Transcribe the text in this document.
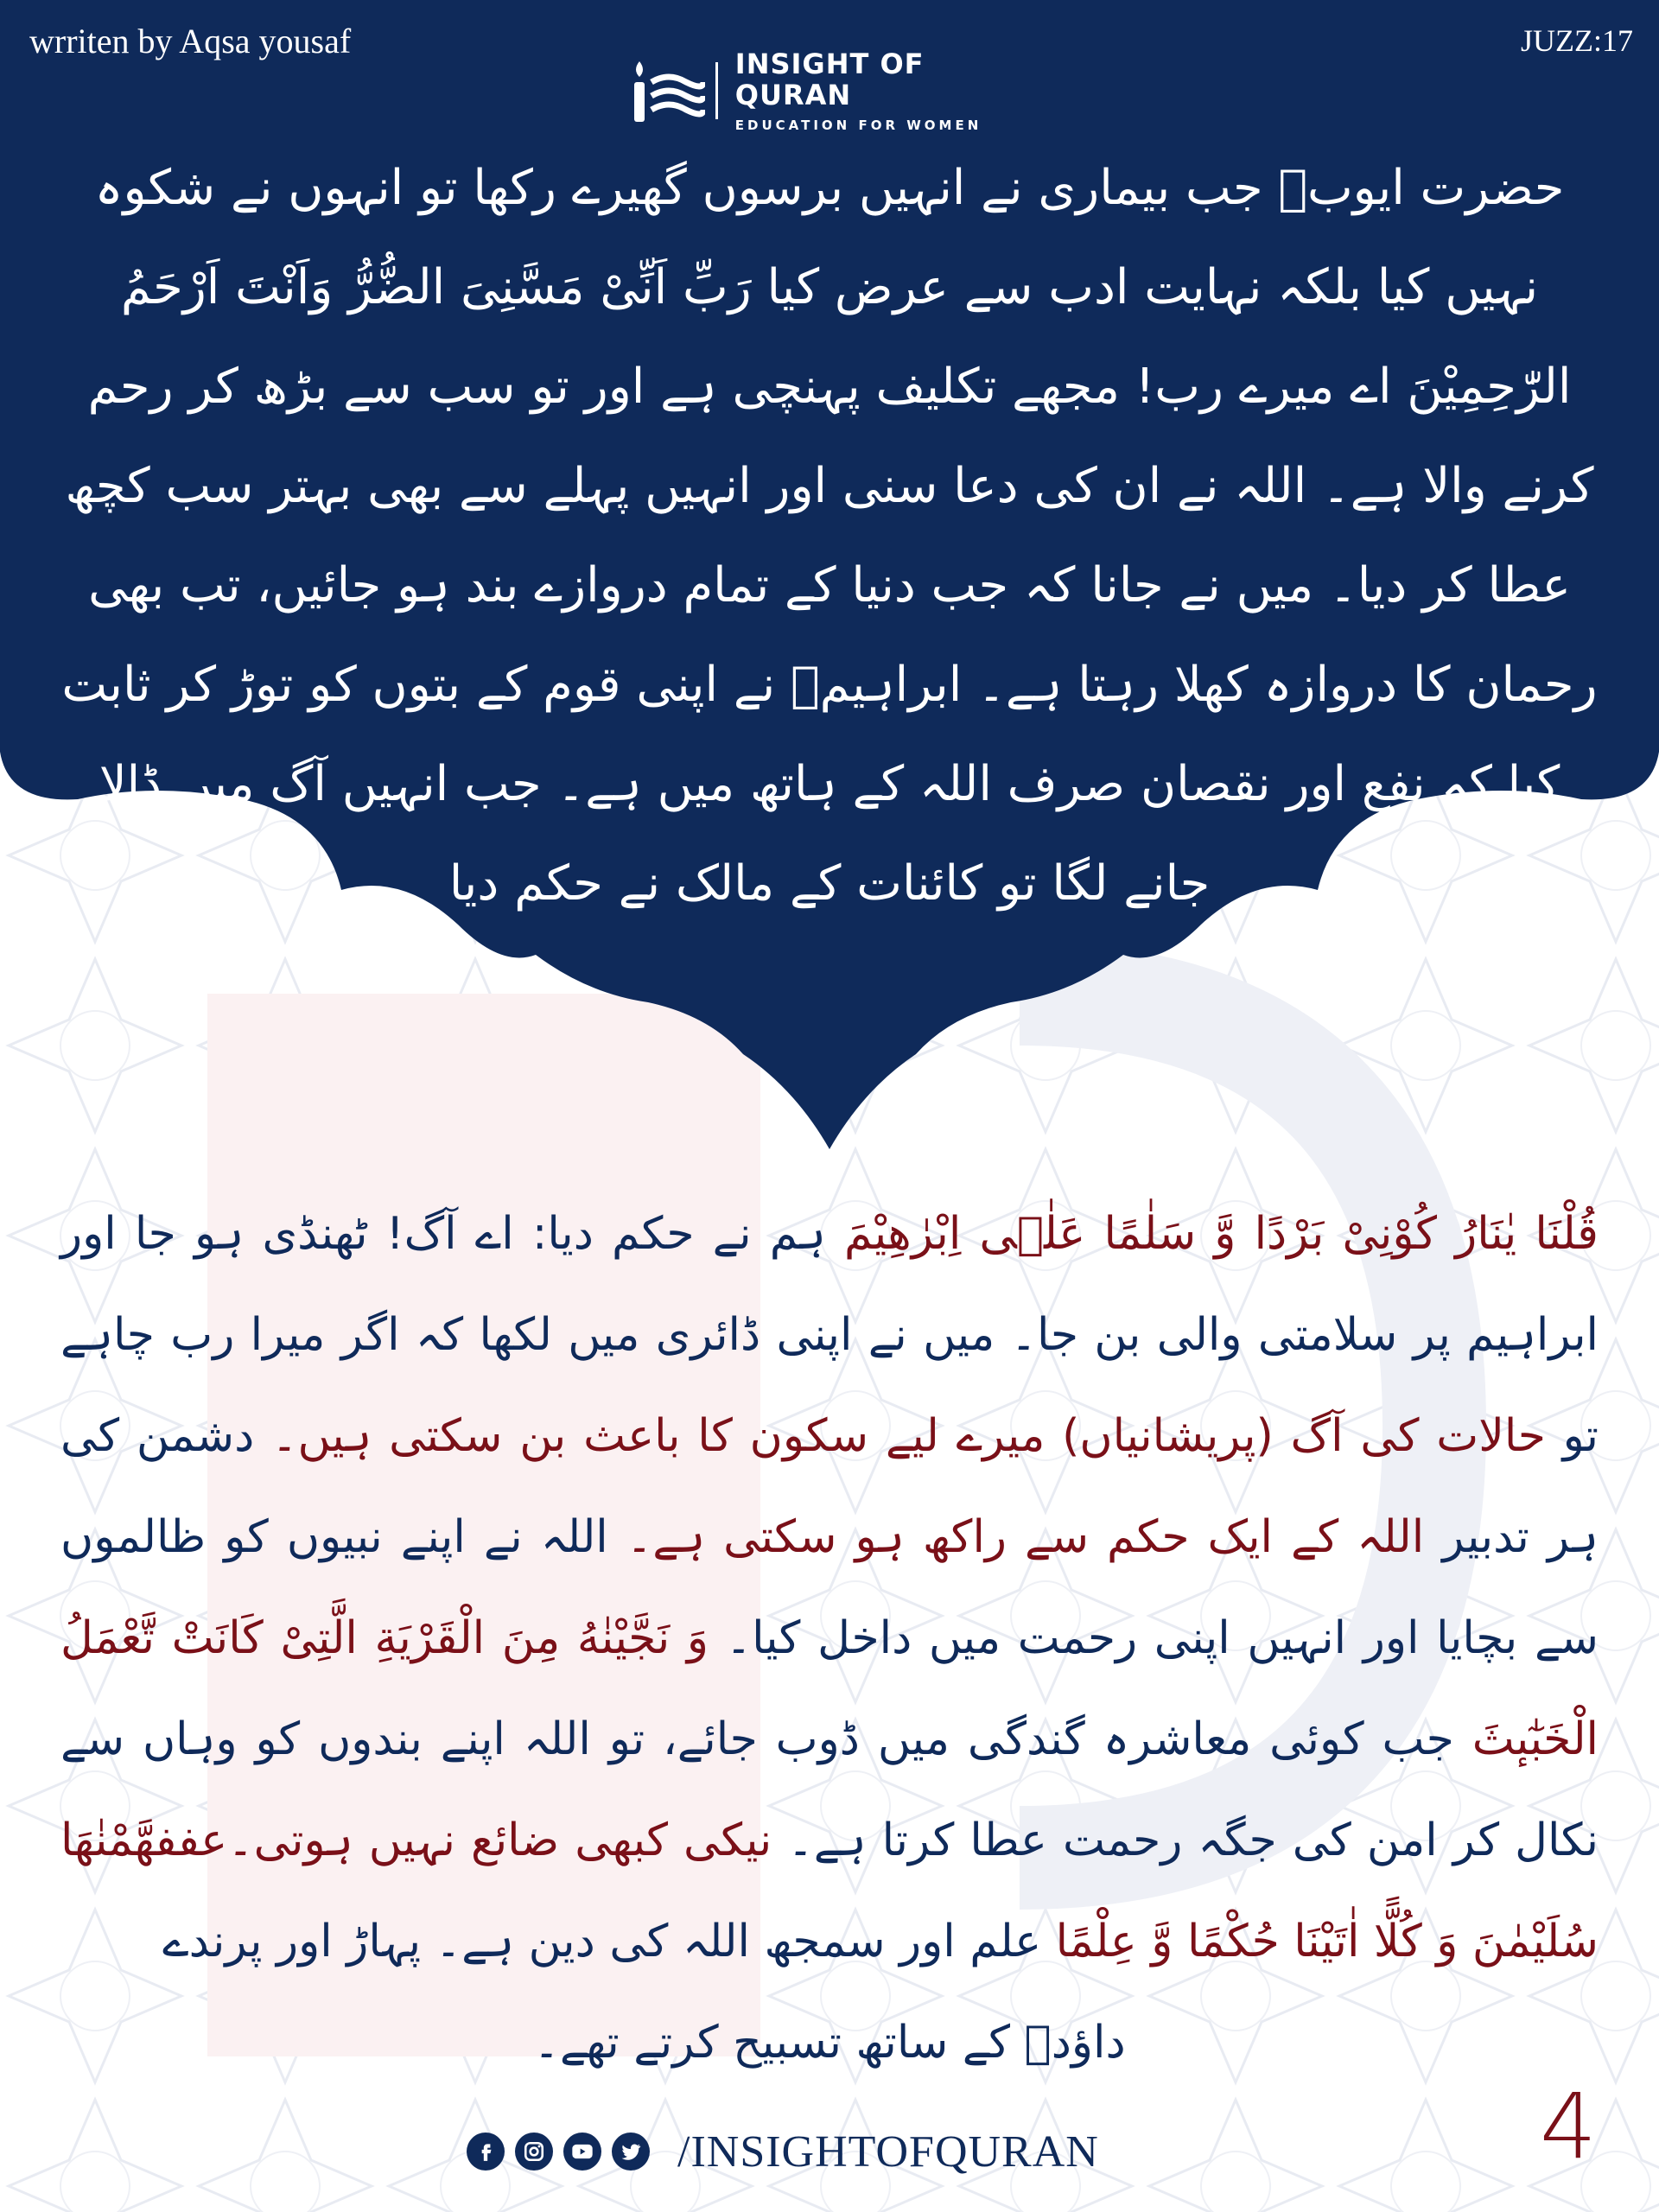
wrriten by Aqsa yousaf	JUZZ:17
INSIGHT OF QURAN
EDUCATION FOR WOMEN

حضرت ایوبؑ جب بیماری نے انہیں برسوں گھیرے رکھا تو انہوں نے شکوہ نہیں کیا بلکہ نہایت ادب سے عرض کیا رَبِّ اَنِّیْ مَسَّنِیَ الضُّرُّ وَاَنْتَ اَرْحَمُ الرّٰحِمِیْنَ اے میرے رب! مجھے تکلیف پہنچی ہے اور تو سب سے بڑھ کر رحم کرنے والا ہے۔ اللہ نے ان کی دعا سنی اور انہیں پہلے سے بھی بہتر سب کچھ عطا کر دیا۔ میں نے جانا کہ جب دنیا کے تمام دروازے بند ہو جائیں، تب بھی رحمان کا دروازہ کھلا رہتا ہے۔ ابراہیمؑ نے اپنی قوم کے بتوں کو توڑ کر ثابت کیا کہ نفع اور نقصان صرف اللہ کے ہاتھ میں ہے۔ جب انہیں آگ میں ڈالا جانے لگا تو کائنات کے مالک نے حکم دیا

قُلْنَا یٰنَارُ كُوْنِیْ بَرْدًا وَّ سَلٰمًا عَلٰۤى اِبْرٰهِیْمَ ہم نے حکم دیا: اے آگ! ٹھنڈی ہو جا اور ابراہیم پر سلامتی والی بن جا۔ میں نے اپنی ڈائری میں لکھا کہ اگر میرا رب چاہے تو حالات کی آگ (پریشانیاں) میرے لیے سکون کا باعث بن سکتی ہیں۔ دشمن کی ہر تدبیر اللہ کے ایک حکم سے راکھ ہو سکتی ہے۔ اللہ نے اپنے نبیوں کو ظالموں سے بچایا اور انہیں اپنی رحمت میں داخل کیا۔ وَ نَجَّیْنٰهُ مِنَ الْقَرْیَةِ الَّتِیْ كَانَتْ تَّعْمَلُ الْخَبٰٓىٕثَ جب کوئی معاشرہ گندگی میں ڈوب جائے، تو اللہ اپنے بندوں کو وہاں سے نکال کر امن کی جگہ رحمت عطا کرتا ہے۔ نیکی کبھی ضائع نہیں ہوتی۔عففهَّمْنٰهَا سُلَیْمٰنَ وَ كُلًّا اٰتَیْنَا حُكْمًا وَّ عِلْمًا علم اور سمجھ اللہ کی دین ہے۔ پہاڑ اور پرندے

داؤدؑ کے ساتھ تسبیح کرتے تھے۔

4
/INSIGHTOFQURAN
